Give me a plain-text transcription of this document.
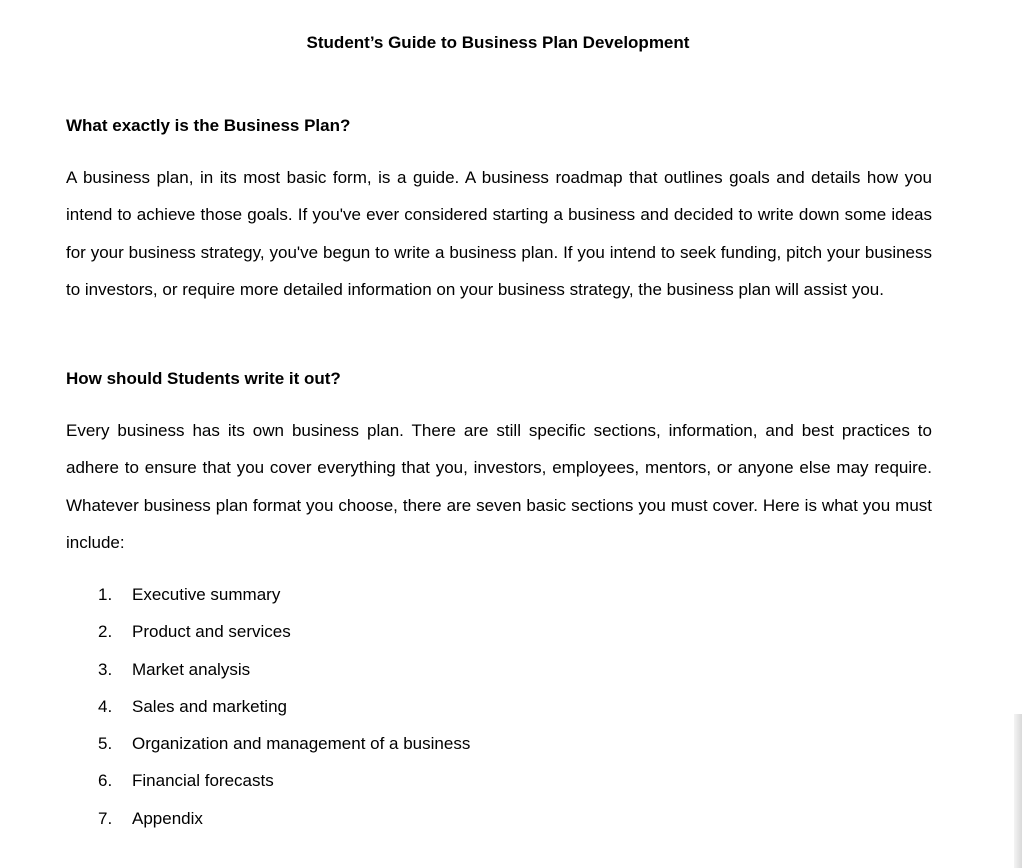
Student’s Guide to Business Plan Development
What exactly is the Business Plan?

A business plan, in its most basic form, is a guide. A business roadmap that outlines goals and details how you intend to achieve those goals. If you've ever considered starting a business and decided to write down some ideas for your business strategy, you've begun to write a business plan. If you intend to seek funding, pitch your business to investors, or require more detailed information on your business strategy, the business plan will assist you.

How should Students write it out?

Every business has its own business plan. There are still specific sections, information, and best practices to adhere to ensure that you cover everything that you, investors, employees, mentors, or anyone else may require. Whatever business plan format you choose, there are seven basic sections you must cover. Here is what you must include:

1.	Executive summary
2.	Product and services
3.	Market analysis
4.	Sales and marketing
5.	Organization and management of a business
6.	Financial forecasts
7.	Appendix
